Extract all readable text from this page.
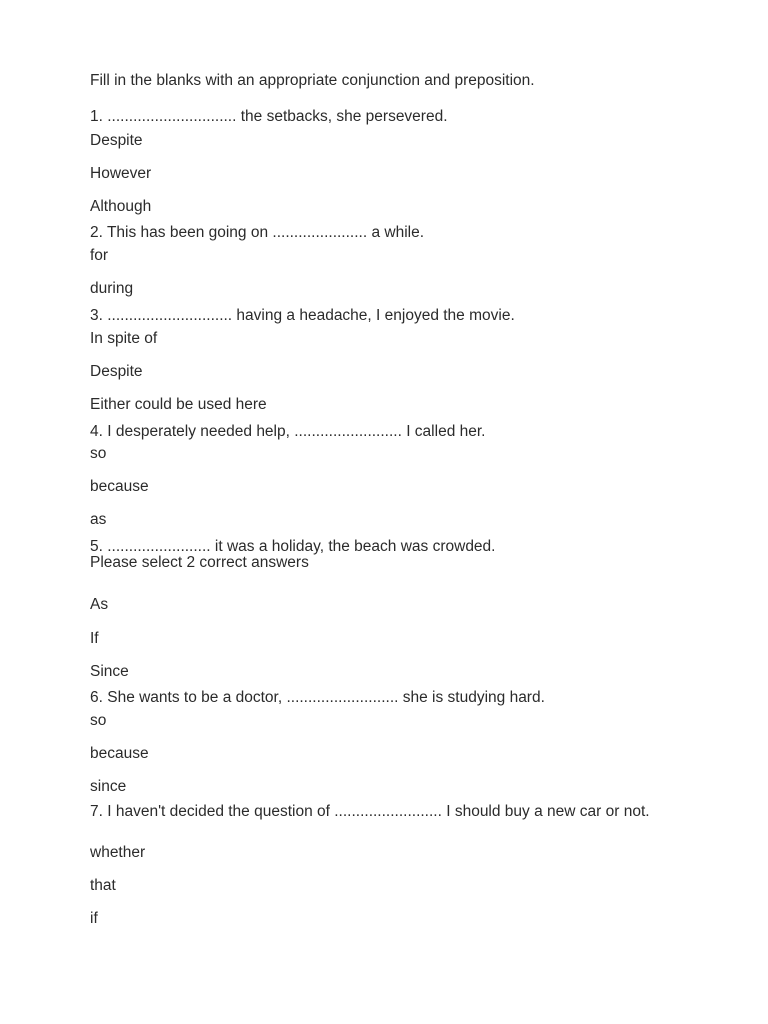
Fill in the blanks with an appropriate conjunction and preposition.
1. .............................. the setbacks, she persevered.
Despite
However
Although
2. This has been going on ...................... a while.
for
during
3. ............................. having a headache, I enjoyed the movie.
In spite of
Despite
Either could be used here
4. I desperately needed help, ......................... I called her.
so
because
as
5. ........................ it was a holiday, the beach was crowded.
Please select 2 correct answers
As
If
Since
6. She wants to be a doctor, .......................... she is studying hard.
so
because
since
7. I haven't decided the question of ......................... I should buy a new car or not.
whether
that
if
